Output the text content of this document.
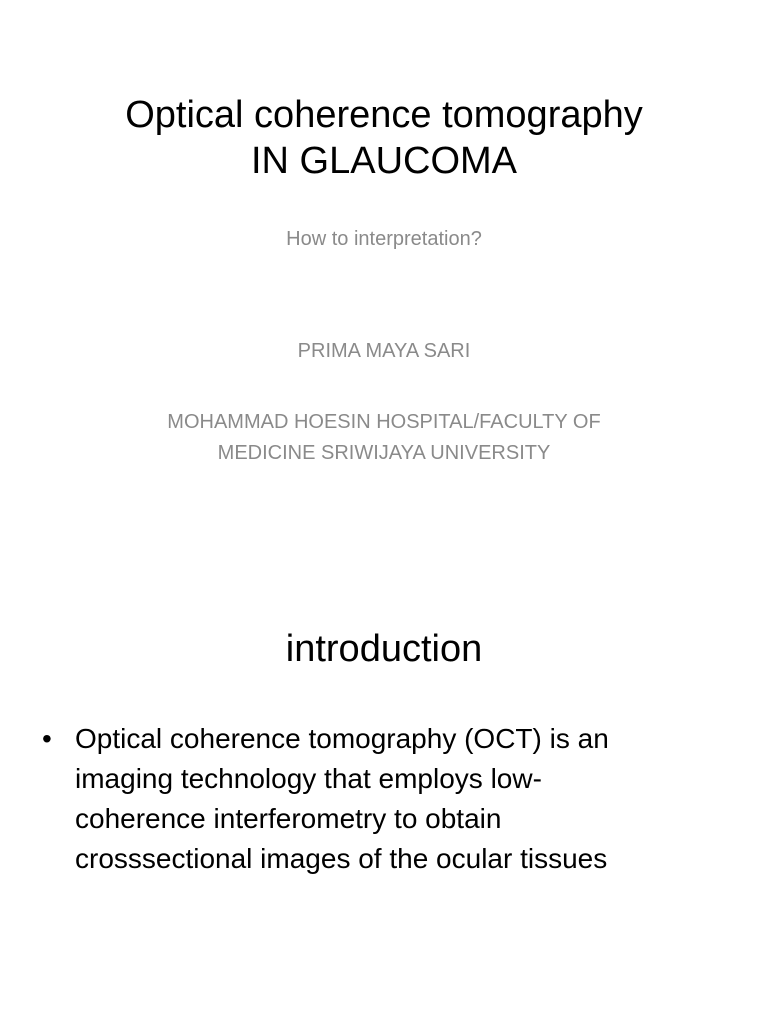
Optical coherence tomography
IN GLAUCOMA
How to interpretation?
PRIMA MAYA SARI
MOHAMMAD HOESIN HOSPITAL/FACULTY OF
MEDICINE SRIWIJAYA UNIVERSITY
introduction
• Optical coherence tomography (OCT) is an
imaging technology that employs low-
coherence interferometry to obtain
crosssectional images of the ocular tissues
